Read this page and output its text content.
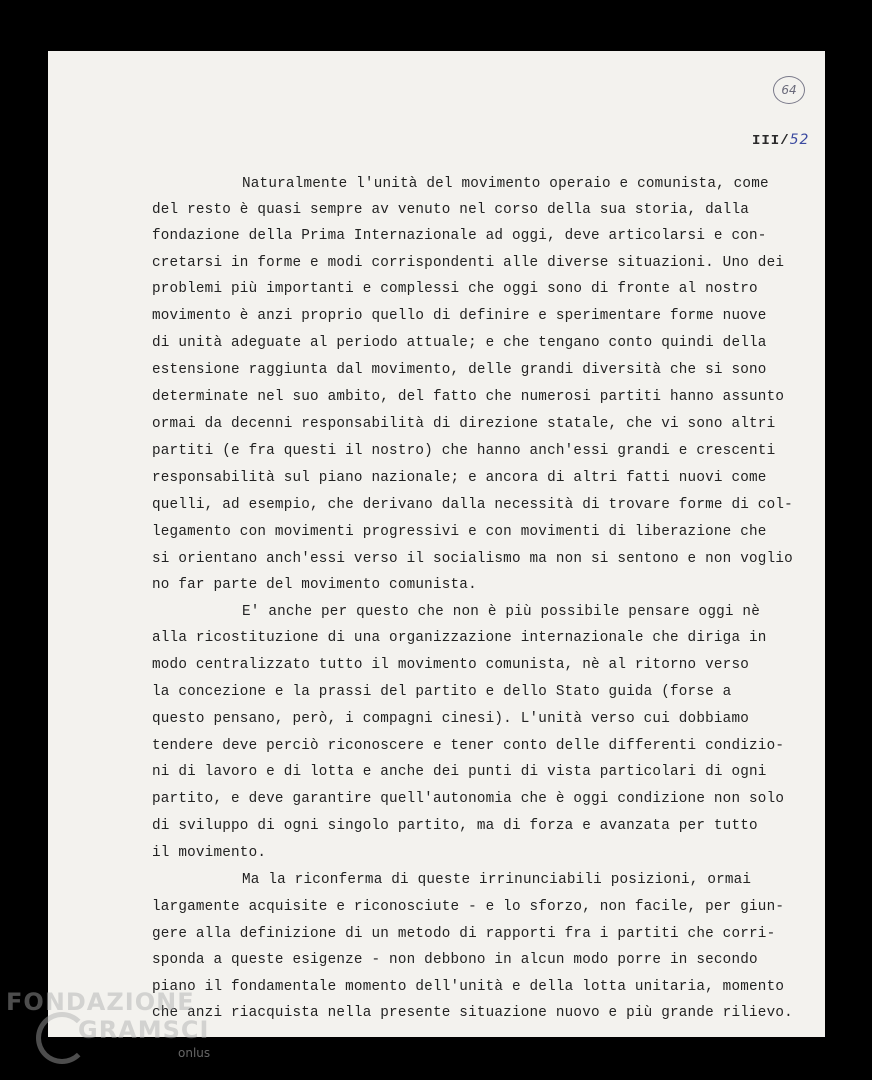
64
III/52
Naturalmente l'unità del movimento operaio e comunista, come
del resto è quasi sempre av venuto nel corso della sua storia, dalla
fondazione della Prima Internazionale ad oggi, deve articolarsi e con-
cretarsi in forme e modi corrispondenti alle diverse situazioni. Uno dei
problemi più importanti e complessi che oggi sono di fronte al nostro
movimento è anzi proprio quello di definire e sperimentare forme nuove
di unità adeguate al periodo attuale; e che tengano conto quindi della
estensione raggiunta dal movimento, delle grandi diversità che si sono
determinate nel suo ambito, del fatto che numerosi partiti hanno assunto
ormai da decenni responsabilità di direzione statale, che vi sono altri
partiti (e fra questi il nostro) che hanno anch'essi grandi e crescenti
responsabilità sul piano nazionale; e ancora di altri fatti nuovi come
quelli, ad esempio, che derivano dalla necessità di trovare forme di col-
legamento con movimenti progressivi e con movimenti di liberazione che
si orientano anch'essi verso il socialismo ma non si sentono e non voglio
no far parte del movimento comunista.
E' anche per questo che non è più possibile pensare oggi nè
alla ricostituzione di una organizzazione internazionale che diriga in
modo centralizzato tutto il movimento comunista, nè al ritorno verso
la concezione e la prassi del partito e dello Stato guida (forse a
questo pensano, però, i compagni cinesi). L'unità verso cui dobbiamo
tendere deve perciò riconoscere e tener conto delle differenti condizio-
ni di lavoro e di lotta e anche dei punti di vista particolari di ogni
partito, e deve garantire quell'autonomia che è oggi condizione non solo
di sviluppo di ogni singolo partito, ma di forza e avanzata per tutto
il movimento.
Ma la riconferma di queste irrinunciabili posizioni, ormai
largamente acquisite e riconosciute - e lo sforzo, non facile, per giun-
gere alla definizione di un metodo di rapporti fra i partiti che corri-
sponda a queste esigenze - non debbono in alcun modo porre in secondo
piano il fondamentale momento dell'unità e della lotta unitaria, momento
che anzi riacquista nella presente situazione nuovo e più grande rilievo.
FONDAZIONE
GRAMSCI
onlus
